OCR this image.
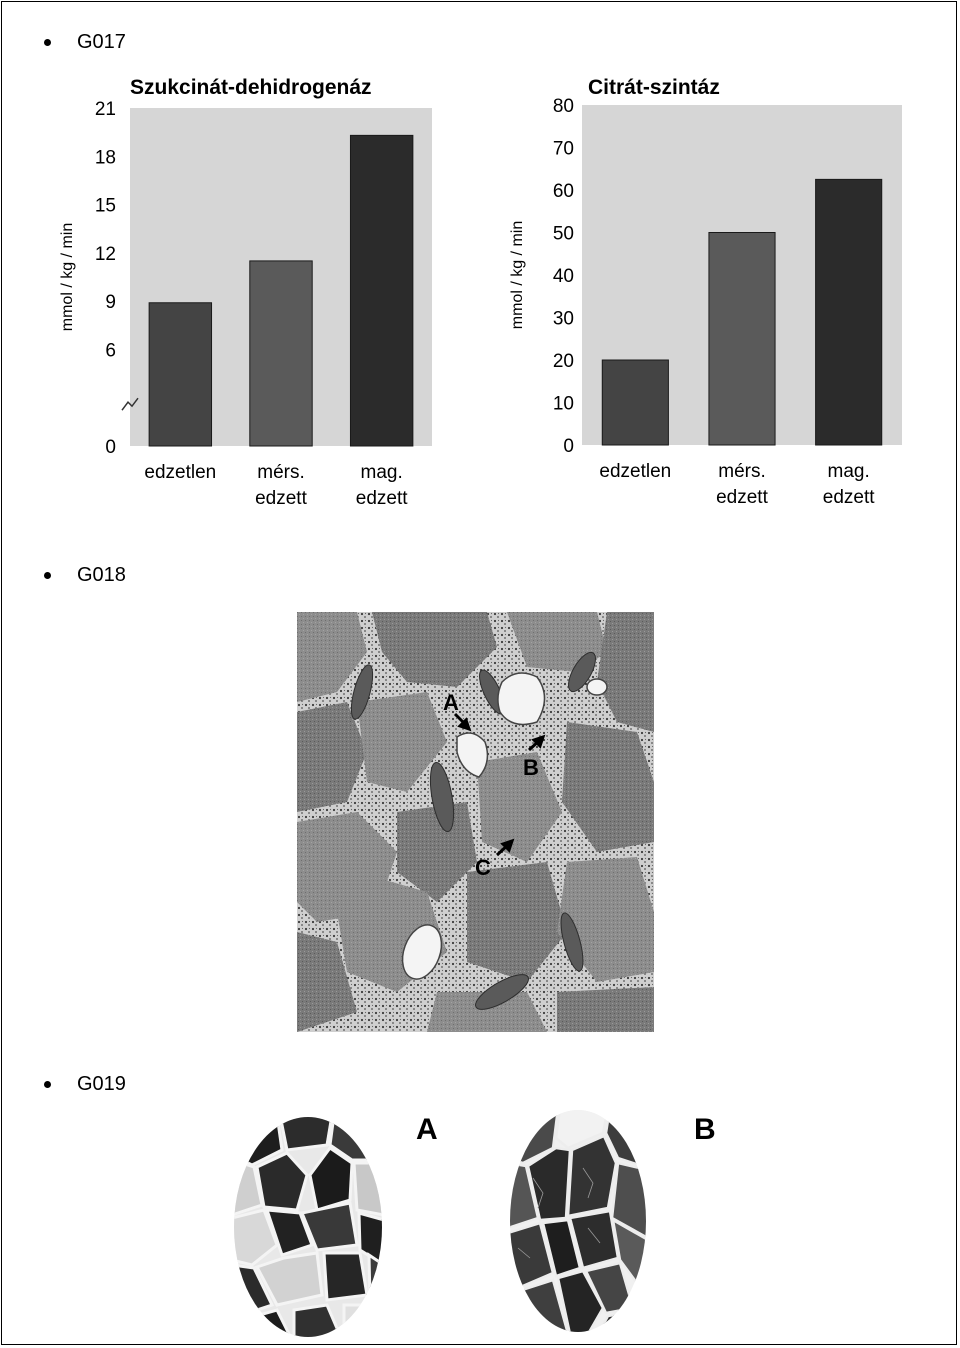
G017
Szukcinát-dehidrogenáz
mmol / kg / min
0
6
9
12
15
18
21
edzetlen mérs.
edzett
mag.
edzett
Citrát-szintáz
mmol / kg / min
0
10
20
30
40
50
60
70
80
edzetlen mérs.
edzett
mag.
edzett
G018
A
B
C
G019
A	B
